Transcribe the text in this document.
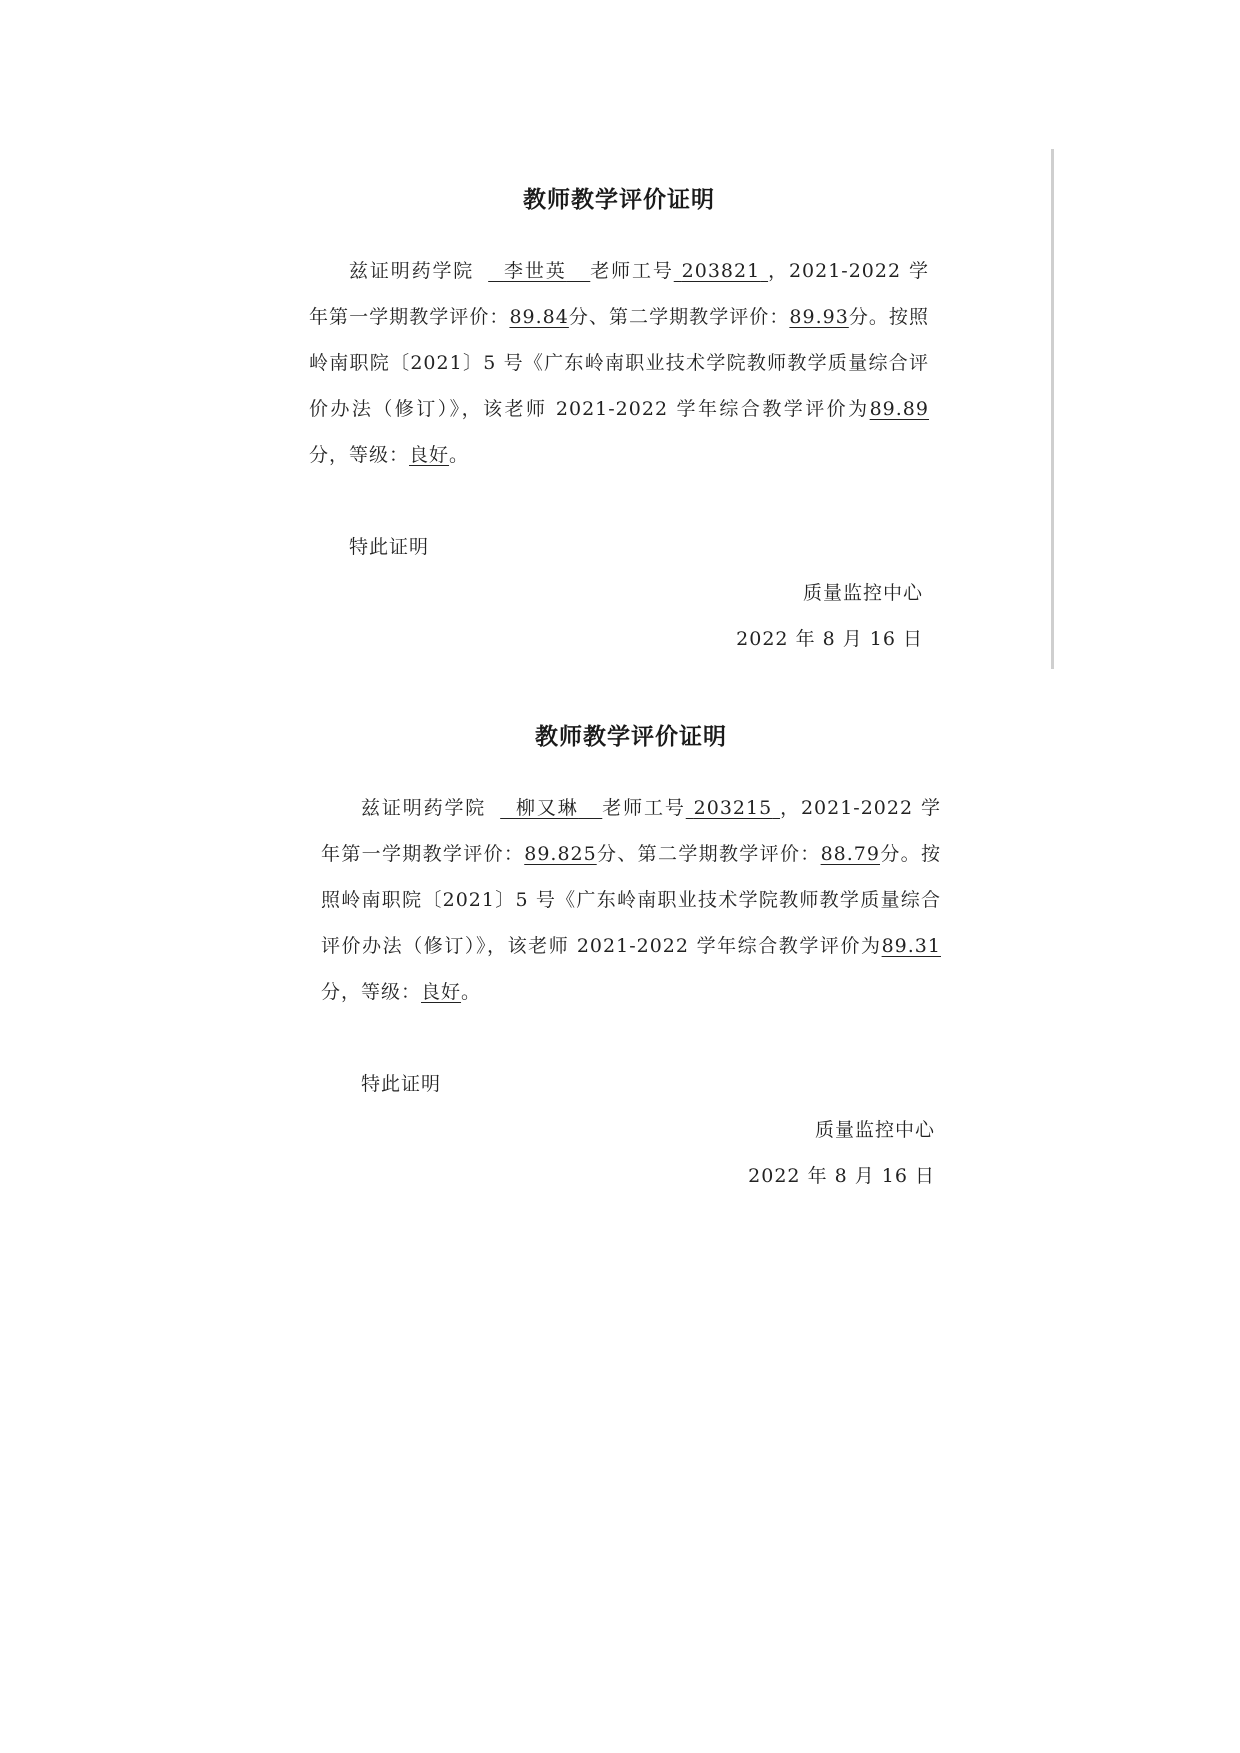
教师教学评价证明

兹证明药学院 李世英 老师工号 203821 ，2021-2022 学年第一学期教学评价：89.84分、第二学期教学评价：89.93分。按照岭南职院〔2021〕5 号《广东岭南职业技术学院教师教学质量综合评价办法（修订）》，该老师 2021-2022 学年综合教学评价为89.89分，等级：良好。

特此证明
质量监控中心
2022 年 8 月 16 日
教师教学评价证明

兹证明药学院 柳又琳 老师工号 203215 ，2021-2022 学年第一学期教学评价：89.825分、第二学期教学评价：88.79分。按照岭南职院〔2021〕5 号《广东岭南职业技术学院教师教学质量综合评价办法（修订）》，该老师 2021-2022 学年综合教学评价为89.31分，等级：良好。

特此证明
质量监控中心
2022 年 8 月 16 日
